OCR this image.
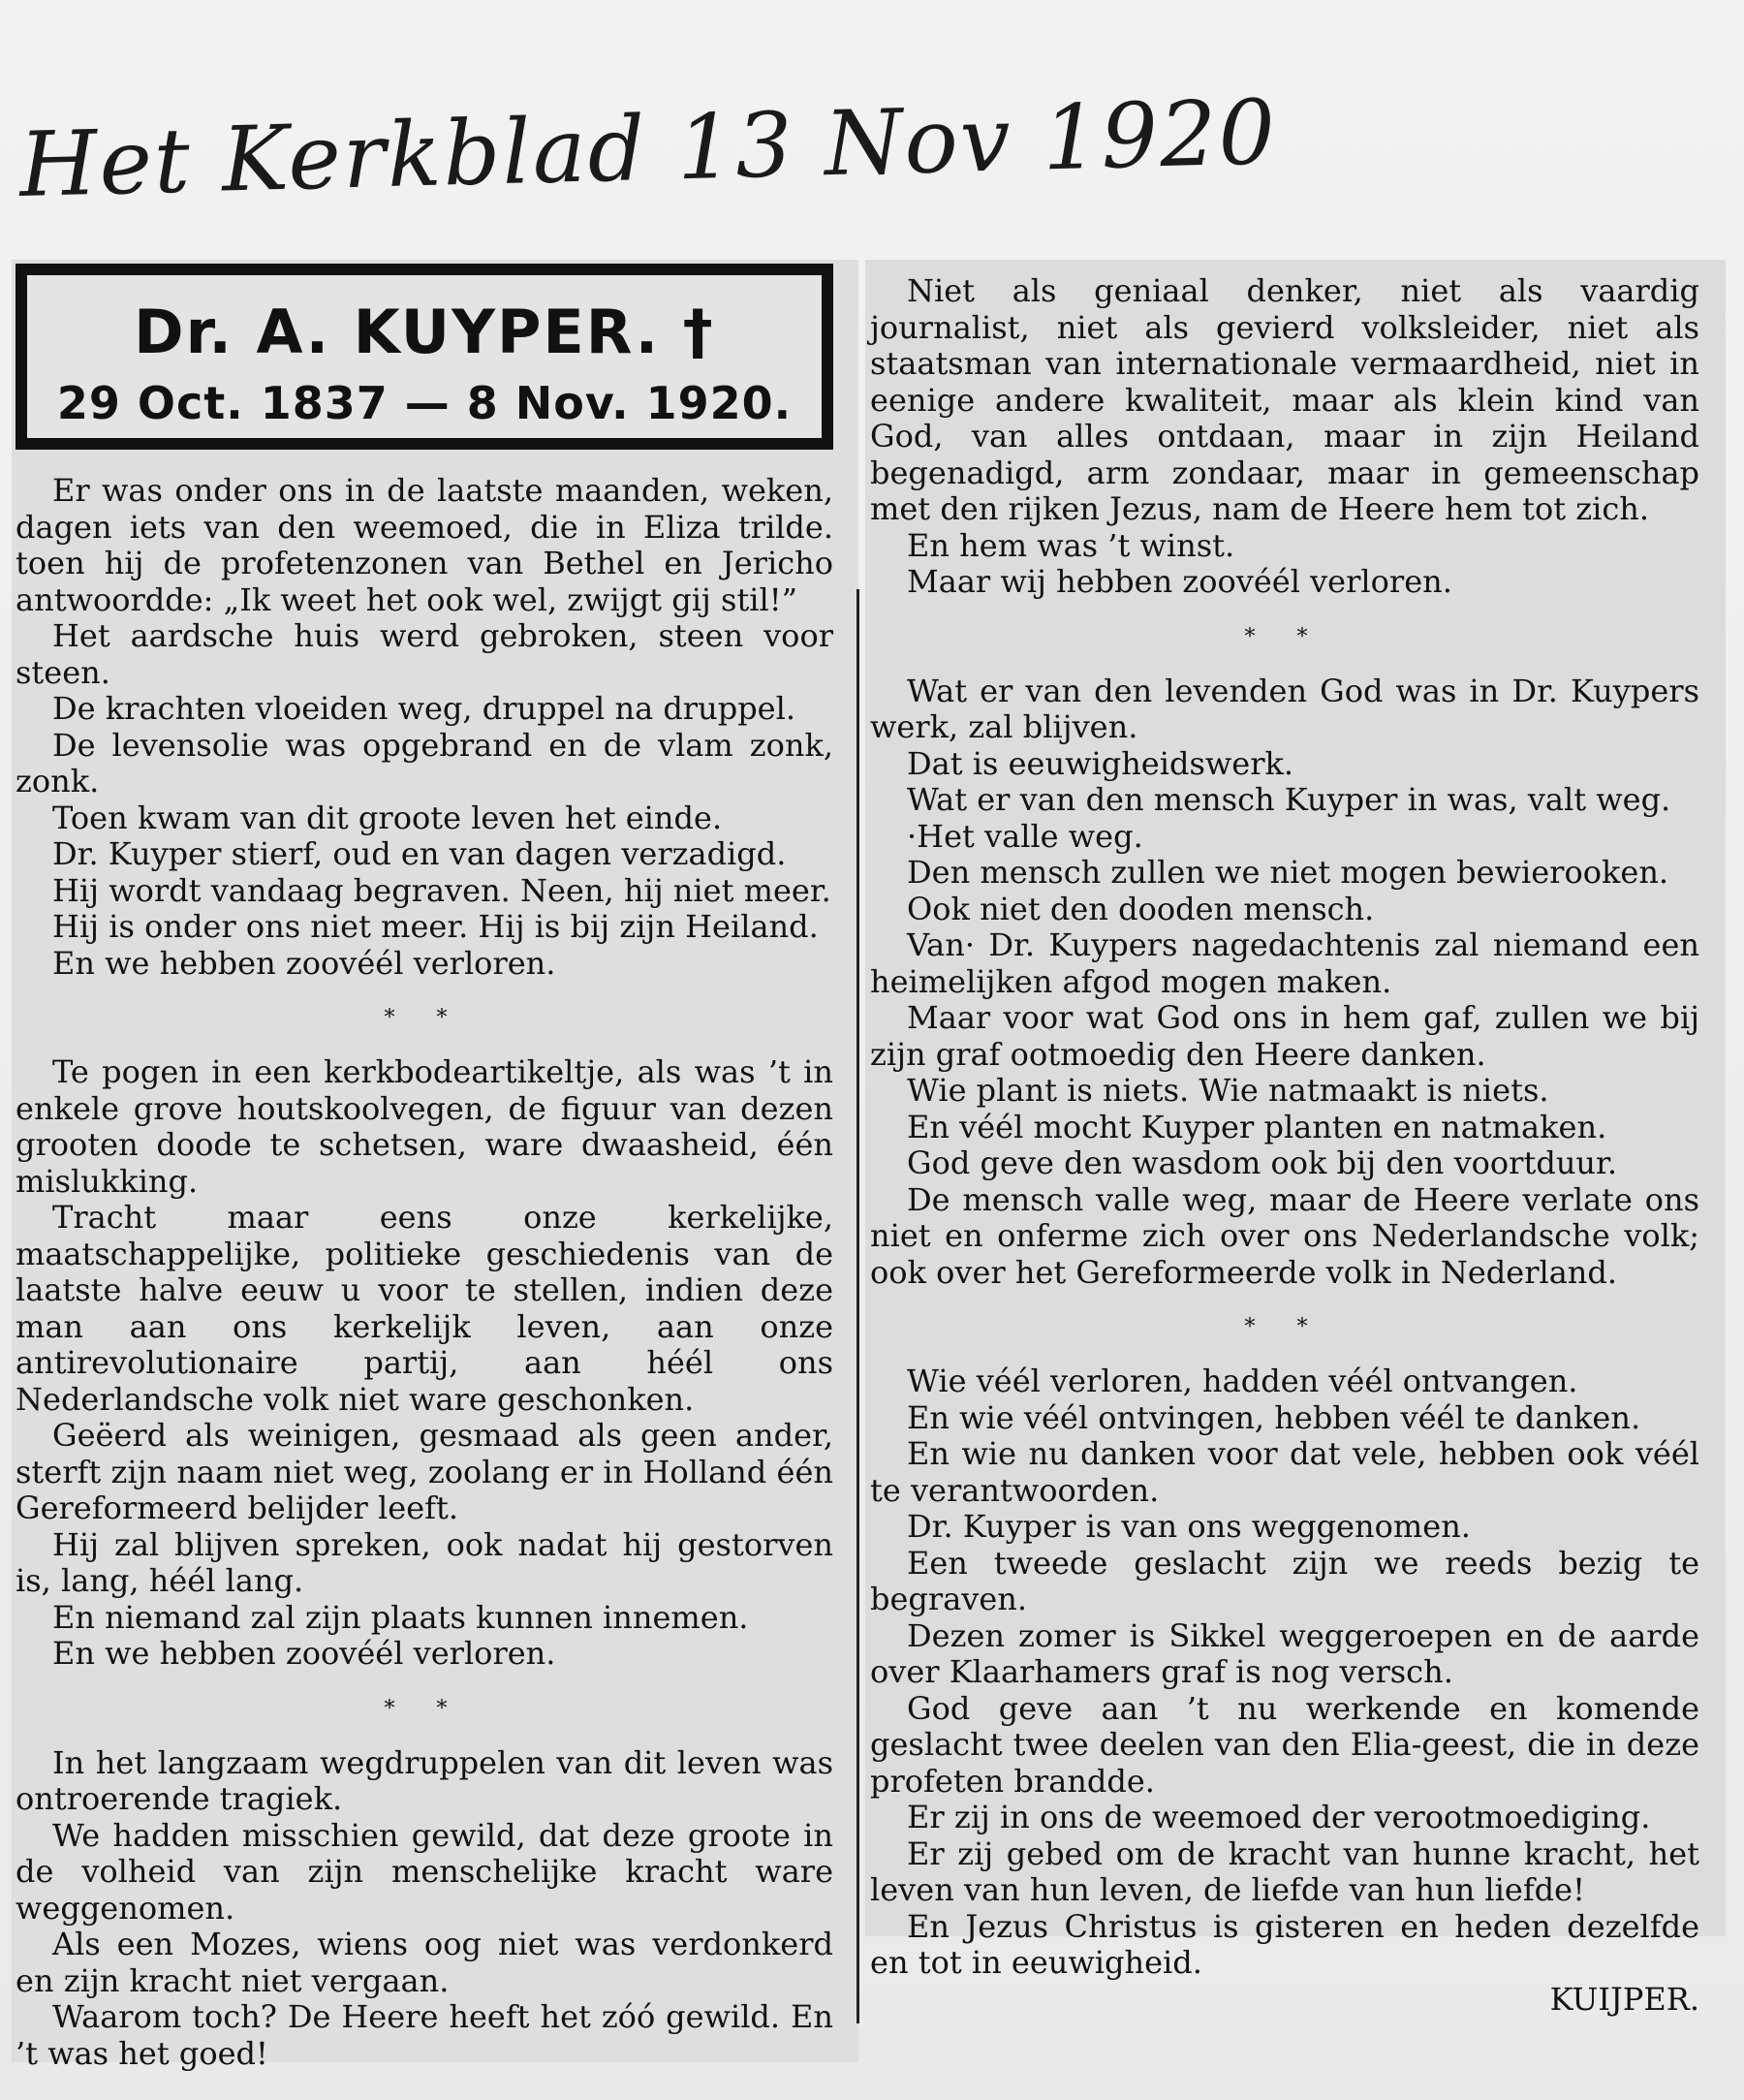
Het Kerkblad 13 Nov 1920
Dr. A. KUYPER. †
29 Oct. 1837 — 8 Nov. 1920.

Er was onder ons in de laatste maanden, weken, dagen iets van den weemoed, die in Eliza trilde. toen hij de profetenzonen van Bethel en Jericho antwoordde: „Ik weet het ook wel, zwijgt gij stil!”

Het aardsche huis werd gebroken, steen voor steen.

De krachten vloeiden weg, druppel na druppel.

De levensolie was opgebrand en de vlam zonk, zonk.

Toen kwam van dit groote leven het einde.

Dr. Kuyper stierf, oud en van dagen verzadigd.

Hij wordt vandaag begraven. Neen, hij niet meer.

Hij is onder ons niet meer. Hij is bij zijn Heiland.

En we hebben zoovéél verloren.

* *

Te pogen in een kerkbodeartikeltje, als was ’t in enkele grove houtskoolvegen, de figuur van dezen grooten doode te schetsen, ware dwaasheid, één mislukking.

Tracht maar eens onze kerkelijke, maatschappelijke, politieke geschiedenis van de laatste halve eeuw u voor te stellen, indien deze man aan ons kerkelijk leven, aan onze antirevolutionaire partij, aan héél ons Nederlandsche volk niet ware geschonken.

Geëerd als weinigen, gesmaad als geen ander, sterft zijn naam niet weg, zoolang er in Holland één Gereformeerd belijder leeft.

Hij zal blijven spreken, ook nadat hij gestorven is, lang, héél lang.

En niemand zal zijn plaats kunnen innemen.

En we hebben zoovéél verloren.

* *

In het langzaam wegdruppelen van dit leven was ontroerende tragiek.

We hadden misschien gewild, dat deze groote in de volheid van zijn menschelijke kracht ware weggenomen.

Als een Mozes, wiens oog niet was verdonkerd en zijn kracht niet vergaan.

Waarom toch? De Heere heeft het zóó gewild. En ’t was het goed!

Niet als geniaal denker, niet als vaardig journalist, niet als gevierd volksleider, niet als staatsman van internationale vermaardheid, niet in eenige andere kwaliteit, maar als klein kind van God, van alles ontdaan, maar in zijn Heiland begenadigd, arm zondaar, maar in gemeenschap met den rijken Jezus, nam de Heere hem tot zich.

En hem was ’t winst.

Maar wij hebben zoovéél verloren.

* *

Wat er van den levenden God was in Dr. Kuypers werk, zal blijven.

Dat is eeuwigheidswerk.

Wat er van den mensch Kuyper in was, valt weg.

·Het valle weg.

Den mensch zullen we niet mogen bewierooken.

Ook niet den dooden mensch.

Van· Dr. Kuypers nagedachtenis zal niemand een heimelijken afgod mogen maken.

Maar voor wat God ons in hem gaf, zullen we bij zijn graf ootmoedig den Heere danken.

Wie plant is niets. Wie natmaakt is niets.

En véél mocht Kuyper planten en natmaken.

God geve den wasdom ook bij den voortduur.

De mensch valle weg, maar de Heere verlate ons niet en onferme zich over ons Nederlandsche volk; ook over het Gereformeerde volk in Nederland.

* *

Wie véél verloren, hadden véél ontvangen.

En wie véél ontvingen, hebben véél te danken.

En wie nu danken voor dat vele, hebben ook véél te verantwoorden.

Dr. Kuyper is van ons weggenomen.

Een tweede geslacht zijn we reeds bezig te begraven.

Dezen zomer is Sikkel weggeroepen en de aarde over Klaarhamers graf is nog versch.

God geve aan ’t nu werkende en komende geslacht twee deelen van den Elia-geest, die in deze profeten brandde.

Er zij in ons de weemoed der verootmoediging.

Er zij gebed om de kracht van hunne kracht, het leven van hun leven, de liefde van hun liefde!

En Jezus Christus is gisteren en heden dezelfde en tot in eeuwigheid.

KUIJPER.
